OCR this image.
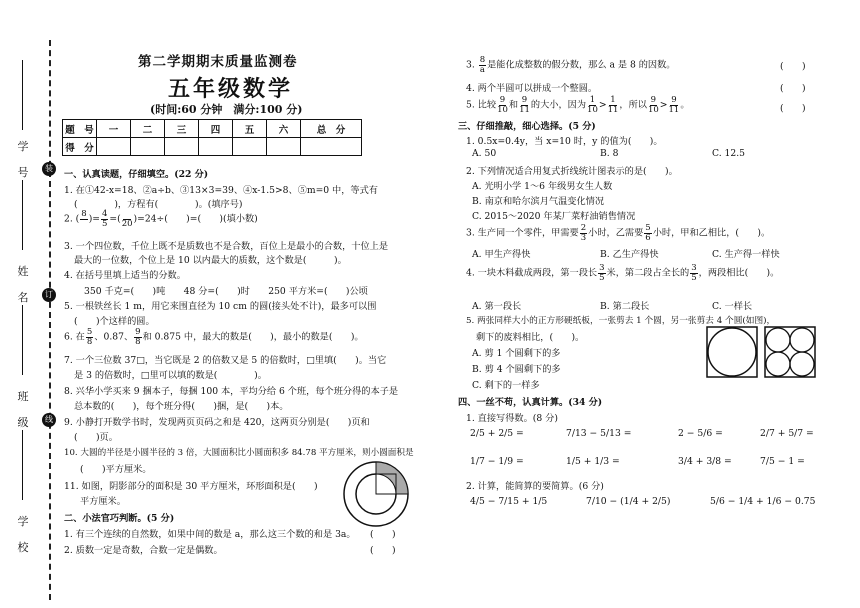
学

号
姓

名
班

级
学

校
装
订
线
第二学期期末质量监测卷
五年级数学
(时间:60 分钟　满分:100 分)
题　号	一	二	三	四	五	六	总　分
得　分							
一、认真读题，仔细填空。(22 分)
1. 在①42-x=18、②a÷b、③13×3=39、④x-1.5>8、⑤m=0 中，等式有
(　　　　)，方程有(　　　　)。(填序号)
2. ( 8
)= $\frac{4}{5}$ =(
20 )=24÷(　　)=(　　)(填小数)
3. 一个四位数，千位上既不是质数也不是合数，百位上是最小的合数，十位上是
最大的一位数，个位上是 10 以内最大的质数，这个数是(　　　)。
4. 在括号里填上适当的分数。
350 千克=(　　)吨　　48 分=(　　)时　　250 平方米=(　　)公顷
5. 一根铁丝长 1 m，用它来围直径为 10 cm 的圆(接头处不计)，最多可以围
(　　)个这样的圆。
6. 在 $\frac{5}{8}$ 、0.87、 $\frac{9}{8}$ 和 0.875 中，最大的数是(　　)，最小的数是(　　)。
7. 一个三位数 37□，当它既是 2 的倍数又是 5 的倍数时，□里填(　　)。当它
是 3 的倍数时，□里可以填的数是(　　　　)。
8. 兴华小学买来 9 捆本子，每捆 100 本，平均分给 6 个班，每个班分得的本子是
总本数的(　　)，每个班分得(　　)捆，是(　　)本。
9. 小静打开数学书时，发现两页页码之和是 420，这两页分别是(　　)页和
(　　)页。
10. 大圆的半径是小圆半径的 3 倍，大圆面积比小圆面积多 84.78 平方厘米，则小圆面积是
(　　)平方厘米。
11. 如图，阴影部分的面积是 30 平方厘米，环形面积是(　　)
平方厘米。
二、小法官巧判断。(5 分)
1. 有三个连续的自然数，如果中间的数是 a，那么这三个数的和是 3a。 (　　)
2. 质数一定是奇数，合数一定是偶数。	(　　)
3. $\frac{8}{a}$ 是能化成整数的假分数，那么 a 是 8 的因数。	(　　)
4. 两个半圆可以拼成一个整圆。	(　　)
5. 比较 $\frac{9}{10}$ 和 $\frac{9}{11}$ 的大小，因为 $\frac{1}{10} > \frac{1}{11}$ ，所以 $\frac{9}{10} > \frac{9}{11}$ 。	(　　)
三、仔细推敲，细心选择。(5 分)
1. 0.5x=0.4y，当 x=10 时，y 的值为(　　)。
A. 50	B. 8	C. 12.5
2. 下列情况适合用复式折线统计图表示的是(　　)。
A. 光明小学 1～6 年级男女生人数
B. 南京和哈尔滨月气温变化情况
C. 2015～2020 年某厂菜籽油销售情况
3. 生产同一个零件，甲需要 $\frac{2}{3}$ 小时，乙需要 $\frac{5}{6}$ 小时，甲和乙相比，(　　)。
A. 甲生产得快	B. 乙生产得快	C. 生产得一样快
4. 一块木料截成两段，第一段长 $\frac{3}{5}$ 米，第二段占全长的 $\frac{3}{5}$ ，两段相比(　　)。
A. 第一段长	B. 第二段长	C. 一样长
5. 两张同样大小的正方形硬纸板，一张剪去 1 个圆，另一张剪去 4 个圆(如图)，
剩下的废料相比，(　　)。
A. 剪 1 个圆剩下的多
B. 剪 4 个圆剩下的多
C. 剩下的一样多
四、一丝不苟，认真计算。(34 分)
1. 直接写得数。(8 分)
2/5 + 2/5 =	7/13 − 5/13 =	2 − 5/6 =	2/7 + 5/7 =
1/7 − 1/9 =	1/5 + 1/3 =	3/4 + 3/8 =	7/5 − 1 =
2. 计算，能简算的要简算。(6 分)
4/5 − 7/15 + 1/5	7/10 − (1/4 + 2/5)	5/6 − 1/4 + 1/6 − 0.75
